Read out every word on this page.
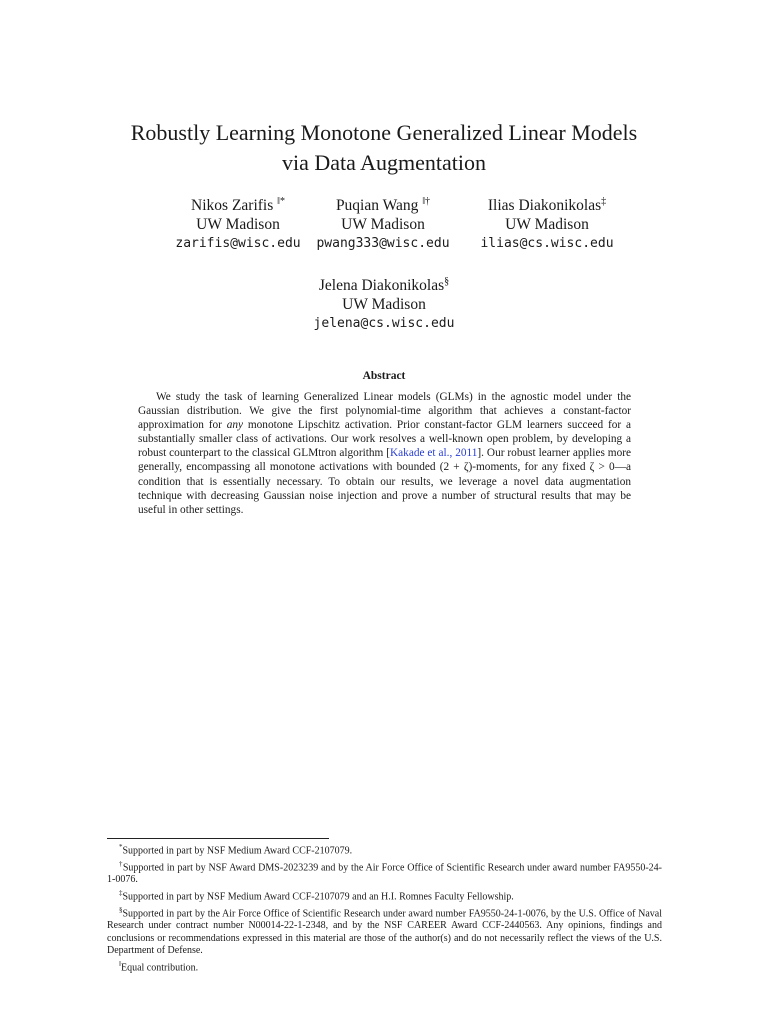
Robustly Learning Monotone Generalized Linear Models
via Data Augmentation
Nikos Zarifis ‖*
UW Madison
zarifis@wisc.edu
Puqian Wang ‖†
UW Madison
pwang333@wisc.edu
Ilias Diakonikolas‡
UW Madison
ilias@cs.wisc.edu
Jelena Diakonikolas§
UW Madison
jelena@cs.wisc.edu
Abstract
We study the task of learning Generalized Linear models (GLMs) in the agnostic model under the Gaussian distribution. We give the first polynomial-time algorithm that achieves a constant-factor approximation for any monotone Lipschitz activation. Prior constant-factor GLM learners succeed for a substantially smaller class of activations. Our work resolves a well-known open problem, by developing a robust counterpart to the classical GLMtron algorithm [Kakade et al., 2011]. Our robust learner applies more generally, encompassing all monotone activations with bounded (2 + ζ)-moments, for any fixed ζ > 0—a condition that is essentially necessary. To obtain our results, we leverage a novel data augmentation technique with decreasing Gaussian noise injection and prove a number of structural results that may be useful in other settings.

*Supported in part by NSF Medium Award CCF-2107079.

†Supported in part by NSF Award DMS-2023239 and by the Air Force Office of Scientific Research under award number FA9550-24-1-0076.

‡Supported in part by NSF Medium Award CCF-2107079 and an H.I. Romnes Faculty Fellowship.

§Supported in part by the Air Force Office of Scientific Research under award number FA9550-24-1-0076, by the U.S. Office of Naval Research under contract number N00014-22-1-2348, and by the NSF CAREER Award CCF-2440563. Any opinions, findings and conclusions or recommendations expressed in this material are those of the author(s) and do not necessarily reflect the views of the U.S. Department of Defense.

‖Equal contribution.
